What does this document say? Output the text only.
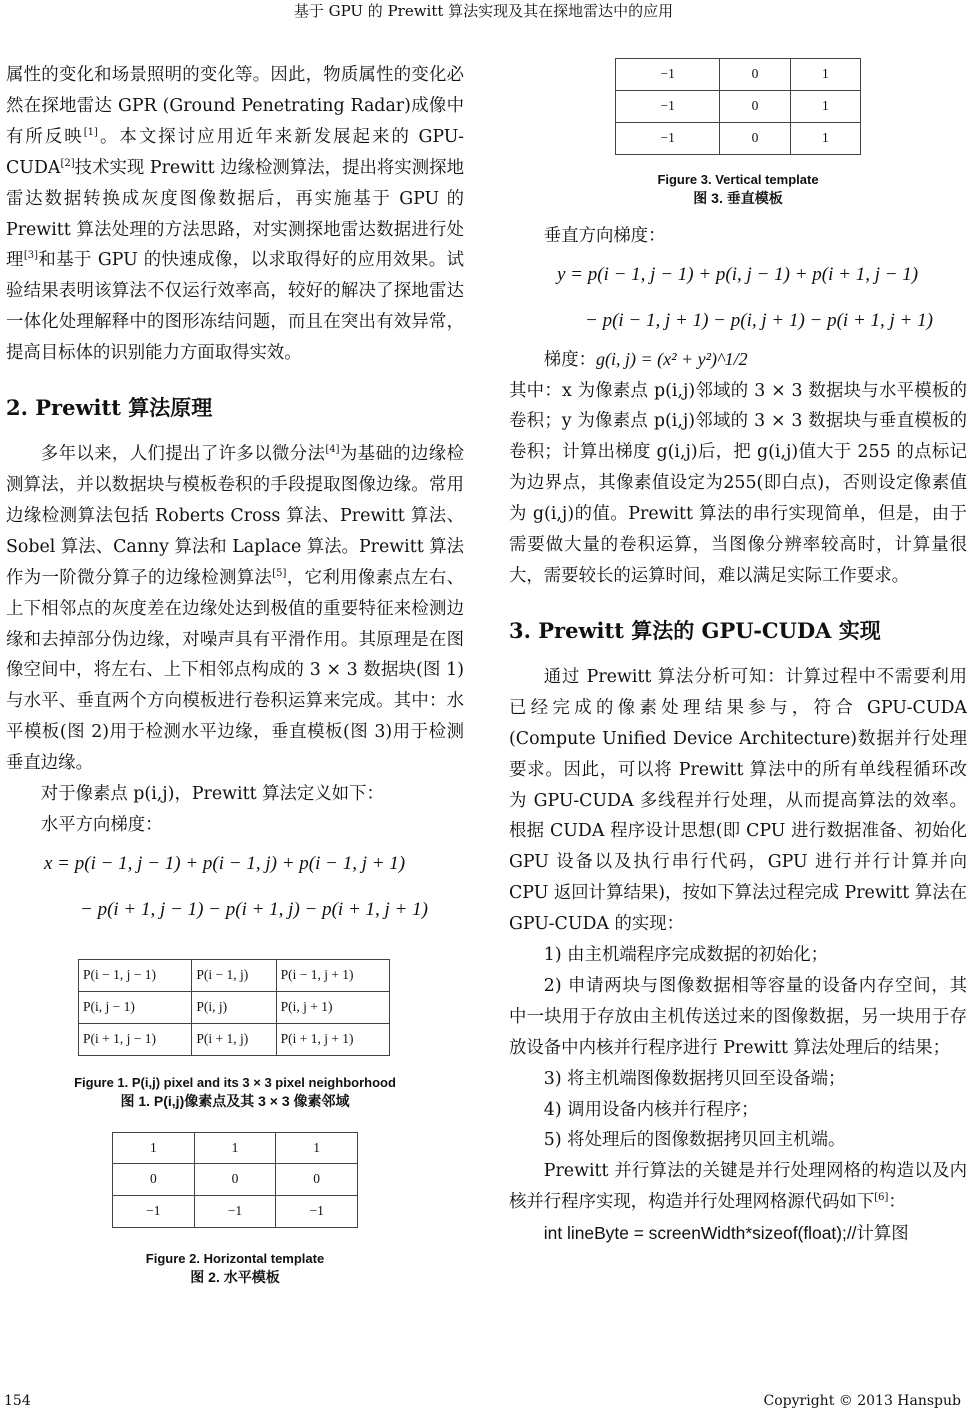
基于 GPU 的 Prewitt 算法实现及其在探地雷达中的应用

属性的变化和场景照明的变化等。因此，物质属性的变化必然在探地雷达 GPR (Ground Penetrating Radar)成像中有所反映[1]。本文探讨应用近年来新发展起来的 GPU-CUDA[2]技术实现 Prewitt 边缘检测算法，提出将实测探地雷达数据转换成灰度图像数据后，再实施基于 GPU 的 Prewitt 算法处理的方法思路，对实测探地雷达数据进行处理[3]和基于 GPU 的快速成像，以求取得好的应用效果。试验结果表明该算法不仅运行效率高，较好的解决了探地雷达一体化处理解释中的图形冻结问题，而且在突出有效异常，提高目标体的识别能力方面取得实效。

2. Prewitt 算法原理

多年以来，人们提出了许多以微分法[4]为基础的边缘检测算法，并以数据块与模板卷积的手段提取图像边缘。常用边缘检测算法包括 Roberts Cross 算法、Prewitt 算法、Sobel 算法、Canny 算法和 Laplace 算法。Prewitt 算法作为一阶微分算子的边缘检测算法[5]，它利用像素点左右、上下相邻点的灰度差在边缘处达到极值的重要特征来检测边缘和去掉部分伪边缘，对噪声具有平滑作用。其原理是在图像空间中，将左右、上下相邻点构成的 3 × 3 数据块(图 1)与水平、垂直两个方向模板进行卷积运算来完成。其中：水平模板(图 2)用于检测水平边缘，垂直模板(图 3)用于检测垂直边缘。

对于像素点 p(i,j)，Prewitt 算法定义如下：

水平方向梯度：

x = p(i − 1, j − 1) + p(i − 1, j) + p(i − 1, j + 1)
− p(i + 1, j − 1) − p(i + 1, j) − p(i + 1, j + 1)
P(i − 1, j − 1)	P(i − 1, j)	P(i − 1, j + 1)
P(i, j − 1)	P(i, j)	P(i, j + 1)
P(i + 1, j − 1)	P(i + 1, j)	P(i + 1, j + 1)
Figure 1. P(i,j) pixel and its 3 × 3 pixel neighborhood
图 1. P(i,j)像素点及其 3 × 3 像素邻域
1	1	1
0	0	0
−1	−1	−1
Figure 2. Horizontal template
图 2. 水平模板
−1	0	1
−1	0	1
−1	0	1
Figure 3. Vertical template
图 3. 垂直模板

垂直方向梯度：

y = p(i − 1, j − 1) + p(i, j − 1) + p(i + 1, j − 1)
− p(i − 1, j + 1) − p(i, j + 1) − p(i + 1, j + 1)

梯度：g(i, j) = (x² + y²)^1/2

其中：x 为像素点 p(i,j)邻域的 3 × 3 数据块与水平模板的卷积；y 为像素点 p(i,j)邻域的 3 × 3 数据块与垂直模板的卷积；计算出梯度 g(i,j)后，把 g(i,j)值大于 255 的点标记为边界点，其像素值设定为255(即白点)，否则设定像素值为 g(i,j)的值。Prewitt 算法的串行实现简单，但是，由于需要做大量的卷积运算，当图像分辨率较高时，计算量很大，需要较长的运算时间，难以满足实际工作要求。

3. Prewitt 算法的 GPU-CUDA 实现

通过 Prewitt 算法分析可知：计算过程中不需要利用已经完成的像素处理结果参与，符合 GPU-CUDA (Compute Unified Device Architecture)数据并行处理要求。因此，可以将 Prewitt 算法中的所有单线程循环改为 GPU-CUDA 多线程并行处理，从而提高算法的效率。根据 CUDA 程序设计思想(即 CPU 进行数据准备、初始化 GPU 设备以及执行串行代码，GPU 进行并行计算并向 CPU 返回计算结果)，按如下算法过程完成 Prewitt 算法在 GPU-CUDA 的实现：

1) 由主机端程序完成数据的初始化；

2) 申请两块与图像数据相等容量的设备内存空间，其中一块用于存放由主机传送过来的图像数据，另一块用于存放设备中内核并行程序进行 Prewitt 算法处理后的结果；

3) 将主机端图像数据拷贝回至设备端；

4) 调用设备内核并行程序；

5) 将处理后的图像数据拷贝回主机端。

Prewitt 并行算法的关键是并行处理网格的构造以及内核并行程序实现，构造并行处理网格源代码如下[6]：

int lineByte = screenWidth*sizeof(float);//计算图

154	Copyright © 2013 Hanspub
